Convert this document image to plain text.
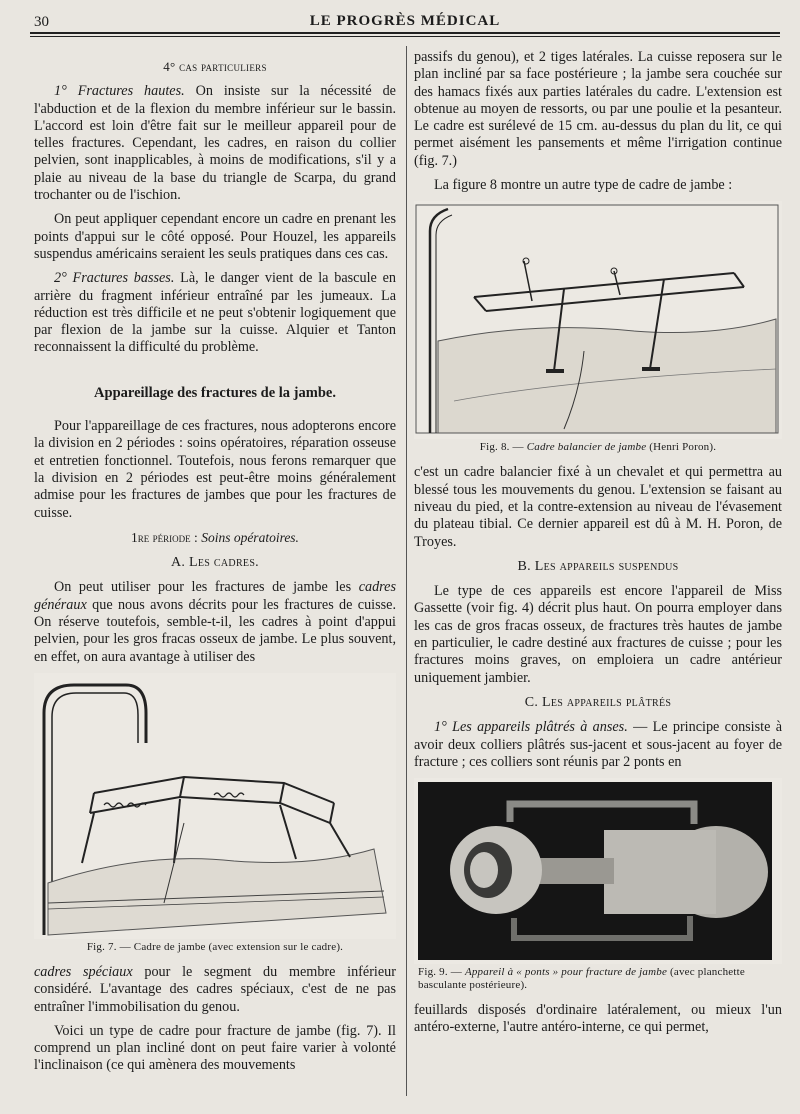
30	LE PROGRÈS MÉDICAL
4° cas particuliers

1° Fractures hautes. On insiste sur la nécessité de l'abduction et de la flexion du membre inférieur sur le bassin. L'accord est loin d'être fait sur le meilleur appareil pour de telles fractures. Cependant, les cadres, en raison du collier pelvien, sont inapplicables, à moins de modifications, s'il y a plaie au niveau de la base du triangle de Scarpa, du grand trochanter ou de l'ischion.

On peut appliquer cependant encore un cadre en prenant les points d'appui sur le côté opposé. Pour Houzel, les appareils suspendus américains seraient les seuls pratiques dans ces cas.

2° Fractures basses. Là, le danger vient de la bascule en arrière du fragment inférieur entraîné par les jumeaux. La réduction est très difficile et ne peut s'obtenir logiquement que par flexion de la jambe sur la cuisse. Alquier et Tanton reconnaissent la difficulté du problème.

Appareillage des fractures de la jambe.

Pour l'appareillage de ces fractures, nous adopterons encore la division en 2 périodes : soins opératoires, réparation osseuse et entretien fonctionnel. Toutefois, nous ferons remarquer que la division en 2 périodes est peut-être moins généralement admise pour les fractures de jambes que pour les fractures de cuisse.

1re période : Soins opératoires.
A. Les cadres.

On peut utiliser pour les fractures de jambe les cadres généraux que nous avons décrits pour les fractures de cuisse. On réserve toutefois, semble-t-il, les cadres à point d'appui pelvien, pour les gros fracas osseux de jambe. Le plus souvent, en effet, on aura avantage à utiliser des

Fig. 7. — Cadre de jambe (avec extension sur le cadre).

cadres spéciaux pour le segment du membre inférieur considéré. L'avantage des cadres spéciaux, c'est de ne pas entraîner l'immobilisation du genou.

Voici un type de cadre pour fracture de jambe (fig. 7). Il comprend un plan incliné dont on peut faire varier à volonté l'inclinaison (ce qui amènera des mouvements

passifs du genou), et 2 tiges latérales. La cuisse reposera sur le plan incliné par sa face postérieure ; la jambe sera couchée sur des hamacs fixés aux parties latérales du cadre. L'extension est obtenue au moyen de ressorts, ou par une poulie et la pesanteur. Le cadre est surélevé de 15 cm. au-dessus du plan du lit, ce qui permet aisément les pansements et même l'irrigation continue (fig. 7.)

La figure 8 montre un autre type de cadre de jambe :

Fig. 8. — Cadre balancier de jambe (Henri Poron).

c'est un cadre balancier fixé à un chevalet et qui permettra au blessé tous les mouvements du genou. L'extension se faisant au niveau du pied, et la contre-extension au niveau de l'évasement du plateau tibial. Ce dernier appareil est dû à M. H. Poron, de Troyes.

B. Les appareils suspendus

Le type de ces appareils est encore l'appareil de Miss Gassette (voir fig. 4) décrit plus haut. On pourra employer dans les cas de gros fracas osseux, de fractures très hautes de jambe en particulier, le cadre destiné aux fractures de cuisse ; pour les fractures moins graves, on emploiera un cadre antérieur uniquement jambier.

C. Les appareils plâtrés

1° Les appareils plâtrés à anses. — Le principe consiste à avoir deux colliers plâtrés sus-jacent et sous-jacent au foyer de fracture ; ces colliers sont réunis par 2 ponts en

Fig. 9. — Appareil à « ponts » pour fracture de jambe (avec planchette basculante postérieure).

feuillards disposés d'ordinaire latéralement, ou mieux l'un antéro-externe, l'autre antéro-interne, ce qui permet,
